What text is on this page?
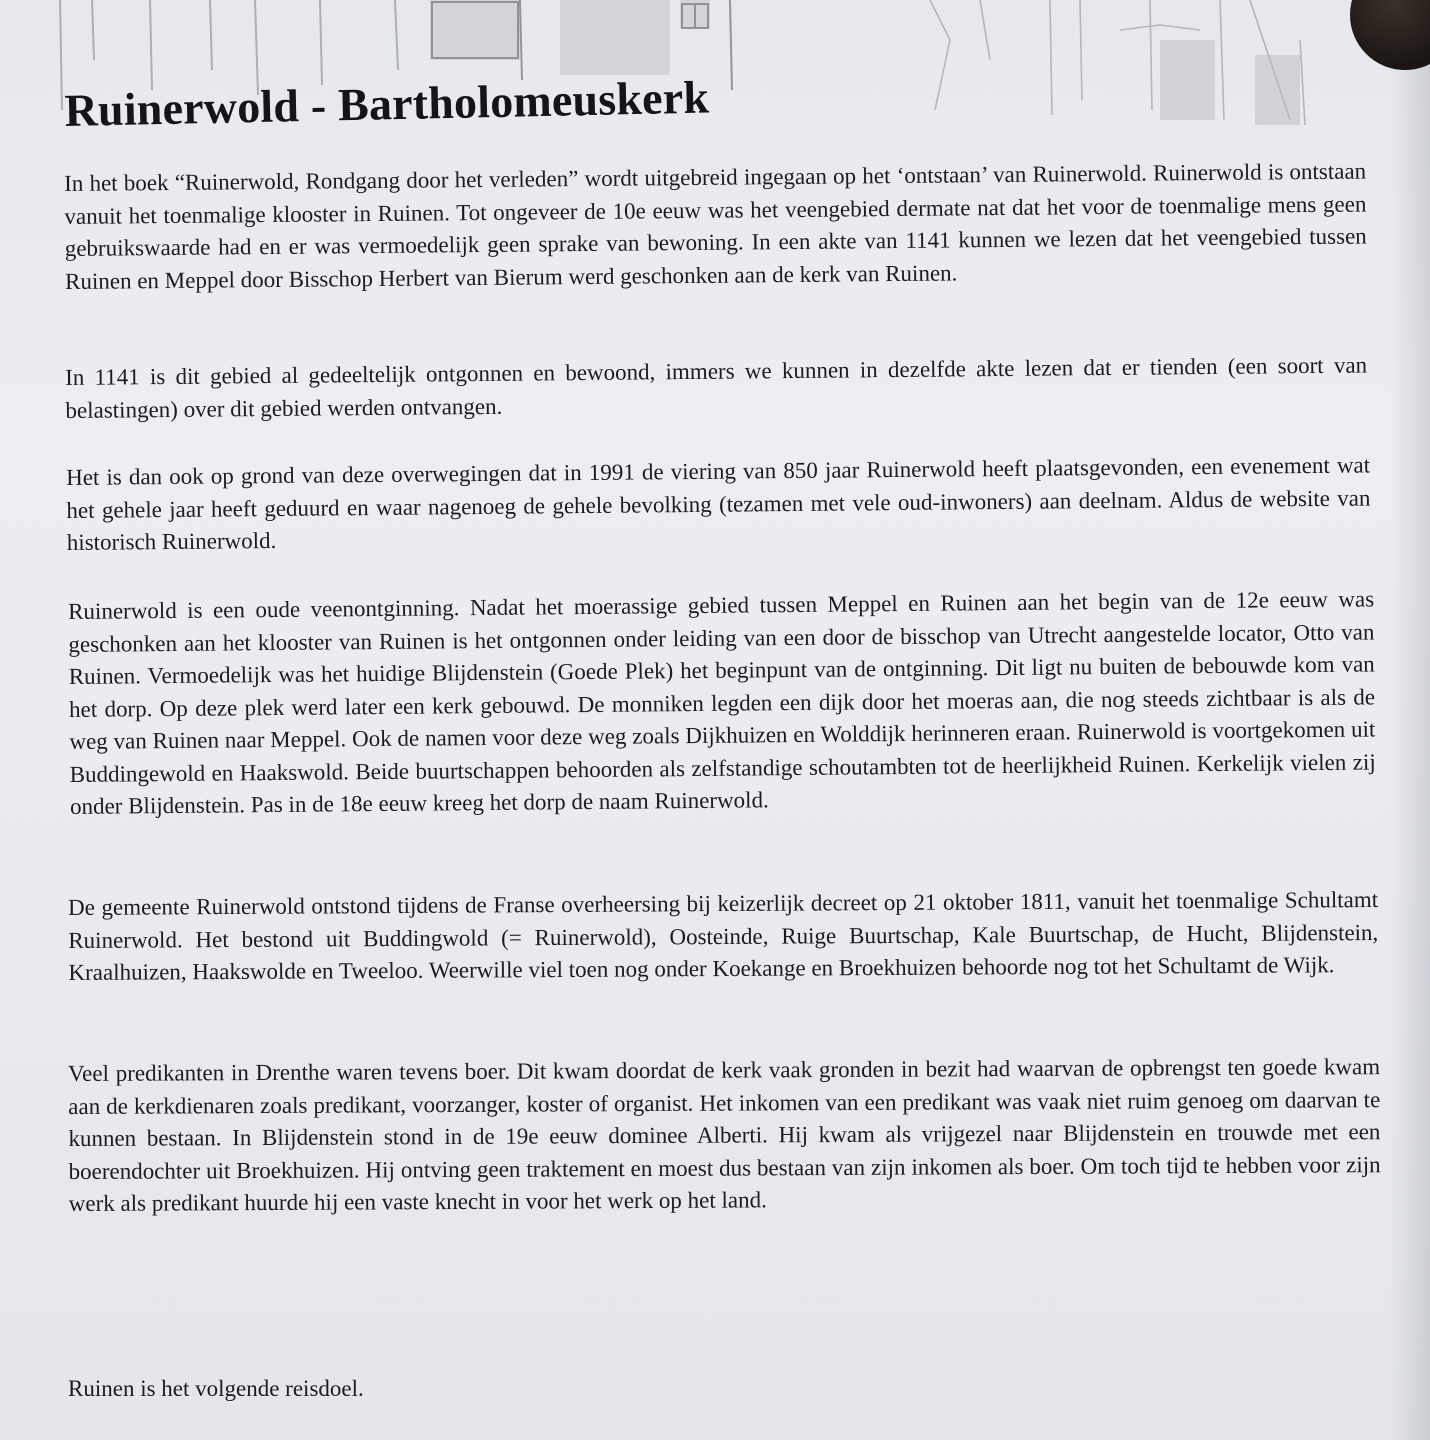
Ruinerwold - Bartholomeuskerk

In het boek “Ruinerwold, Rondgang door het verleden” wordt uitgebreid ingegaan op het ‘ontstaan’ van Ruinerwold. Ruinerwold is ontstaan vanuit het toenmalige klooster in Ruinen. Tot ongeveer de 10e eeuw was het veengebied dermate nat dat het voor de toenmalige mens geen gebruikswaarde had en er was vermoedelijk geen sprake van bewoning. In een akte van 1141 kunnen we lezen dat het veengebied tussen Ruinen en Meppel door Bisschop Herbert van Bierum werd geschonken aan de kerk van Ruinen.

In 1141 is dit gebied al gedeeltelijk ontgonnen en bewoond, immers we kunnen in dezelfde akte lezen dat er tienden (een soort van belastingen) over dit gebied werden ontvangen.

Het is dan ook op grond van deze overwegingen dat in 1991 de viering van 850 jaar Ruinerwold heeft plaatsgevonden, een evenement wat het gehele jaar heeft geduurd en waar nagenoeg de gehele bevolking (tezamen met vele oud-inwoners) aan deelnam. Aldus de website van historisch Ruinerwold.

Ruinerwold is een oude veenontginning. Nadat het moerassige gebied tussen Meppel en Ruinen aan het begin van de 12e eeuw was geschonken aan het klooster van Ruinen is het ontgonnen onder leiding van een door de bisschop van Utrecht aangestelde locator, Otto van Ruinen. Vermoedelijk was het huidige Blijdenstein (Goede Plek) het beginpunt van de ontginning. Dit ligt nu buiten de bebouwde kom van het dorp. Op deze plek werd later een kerk gebouwd. De monniken legden een dijk door het moeras aan, die nog steeds zichtbaar is als de weg van Ruinen naar Meppel. Ook de namen voor deze weg zoals Dijkhuizen en Wolddijk herinneren eraan. Ruinerwold is voortgekomen uit Buddingewold en Haakswold. Beide buurtschappen behoorden als zelfstandige schoutambten tot de heerlijkheid Ruinen. Kerkelijk vielen zij onder Blijdenstein. Pas in de 18e eeuw kreeg het dorp de naam Ruinerwold.

De gemeente Ruinerwold ontstond tijdens de Franse overheersing bij keizerlijk decreet op 21 oktober 1811, vanuit het toenmalige Schultamt Ruinerwold. Het bestond uit Buddingwold (= Ruinerwold), Oosteinde, Ruige Buurtschap, Kale Buurtschap, de Hucht, Blijdenstein, Kraalhuizen, Haakswolde en Tweeloo. Weerwille viel toen nog onder Koekange en Broekhuizen behoorde nog tot het Schultamt de Wijk.

Veel predikanten in Drenthe waren tevens boer. Dit kwam doordat de kerk vaak gronden in bezit had waarvan de opbrengst ten goede kwam aan de kerkdienaren zoals predikant, voorzanger, koster of organist. Het inkomen van een predikant was vaak niet ruim genoeg om daarvan te kunnen bestaan. In Blijdenstein stond in de 19e eeuw dominee Alberti. Hij kwam als vrijgezel naar Blijdenstein en trouwde met een boerendochter uit Broekhuizen. Hij ontving geen traktement en moest dus bestaan van zijn inkomen als boer. Om toch tijd te hebben voor zijn werk als predikant huurde hij een vaste knecht in voor het werk op het land.

Ruinen is het volgende reisdoel.
